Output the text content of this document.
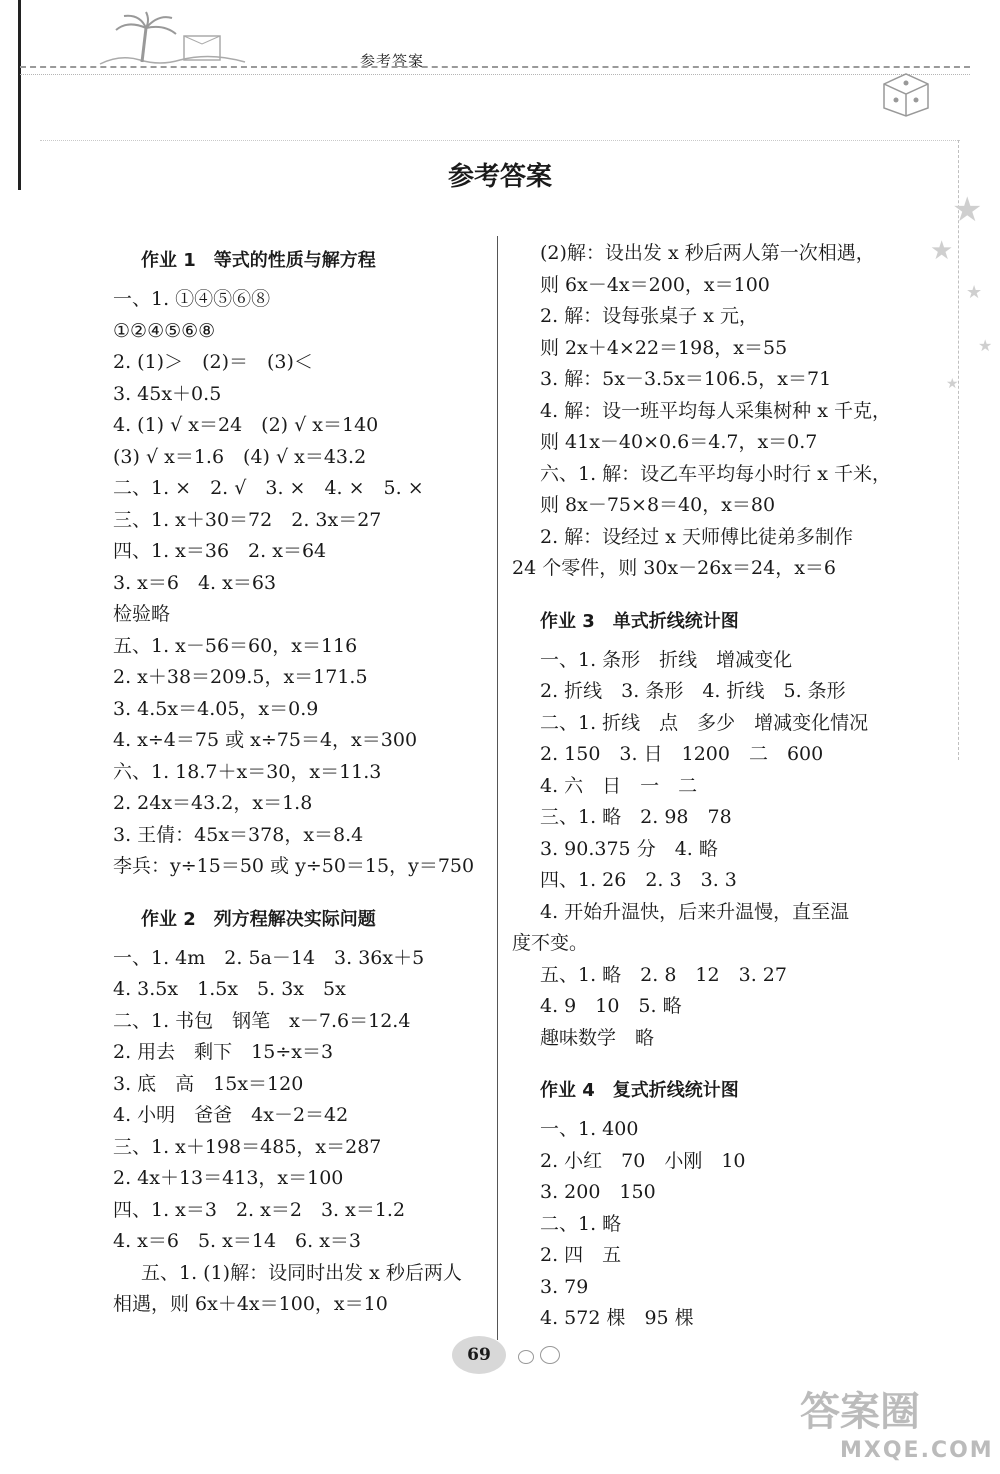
参考答案
★
★
★
★
★
参考答案
作业 1　等式的性质与解方程
一、1. ①④⑤⑥⑧
①②④⑤⑥⑧
2. (1)＞　(2)＝　(3)＜
3. 45x＋0.5
4. (1) √ x＝24　(2) √ x＝140
(3) √ x＝1.6　(4) √ x＝43.2
二、1. ×　2. √　3. ×　4. ×　5. ×
三、1. x＋30＝72　2. 3x＝27
四、1. x＝36　2. x＝64
3. x＝6　4. x＝63
检验略
五、1. x－56＝60，x＝116
2. x＋38＝209.5，x＝171.5
3. 4.5x＝4.05，x＝0.9
4. x÷4＝75 或 x÷75＝4，x＝300
六、1. 18.7＋x＝30，x＝11.3
2. 24x＝43.2，x＝1.8
3. 王倩：45x＝378，x＝8.4
李兵：y÷15＝50 或 y÷50＝15，y＝750
作业 2　列方程解决实际问题
一、1. 4m　2. 5a－14　3. 36x＋5
4. 3.5x　1.5x　5. 3x　5x
二、1. 书包　钢笔　x－7.6＝12.4
2. 用去　剩下　15÷x＝3
3. 底　高　15x＝120
4. 小明　爸爸　4x－2＝42
三、1. x＋198＝485，x＝287
2. 4x＋13＝413，x＝100
四、1. x＝3　2. x＝2　3. x＝1.2
4. x＝6　5. x＝14　6. x＝3
五、1. (1)解：设同时出发 x 秒后两人
相遇，则 6x＋4x＝100，x＝10
(2)解：设出发 x 秒后两人第一次相遇，
则 6x－4x＝200，x＝100
2. 解：设每张桌子 x 元，
则 2x＋4×22＝198，x＝55
3. 解：5x－3.5x＝106.5，x＝71
4. 解：设一班平均每人采集树种 x 千克，
则 41x－40×0.6＝4.7，x＝0.7
六、1. 解：设乙车平均每小时行 x 千米，
则 8x－75×8＝40，x＝80
2. 解：设经过 x 天师傅比徒弟多制作
24 个零件，则 30x－26x＝24，x＝6
作业 3　单式折线统计图
一、1. 条形　折线　增减变化
2. 折线　3. 条形　4. 折线　5. 条形
二、1. 折线　点　多少　增减变化情况
2. 150　3. 日　1200　二　600
4. 六　日　一　二
三、1. 略　2. 98　78
3. 90.375 分　4. 略
四、1. 26　2. 3　3. 3
4. 开始升温快，后来升温慢，直至温
度不变。
五、1. 略　2. 8　12　3. 27
4. 9　10　5. 略
趣味数学　略
作业 4　复式折线统计图
一、1. 400
2. 小红　70　小刚　10
3. 200　150
二、1. 略
2. 四　五
3. 79
4. 572 棵　95 棵
69
答案圈
MXQE.COM
